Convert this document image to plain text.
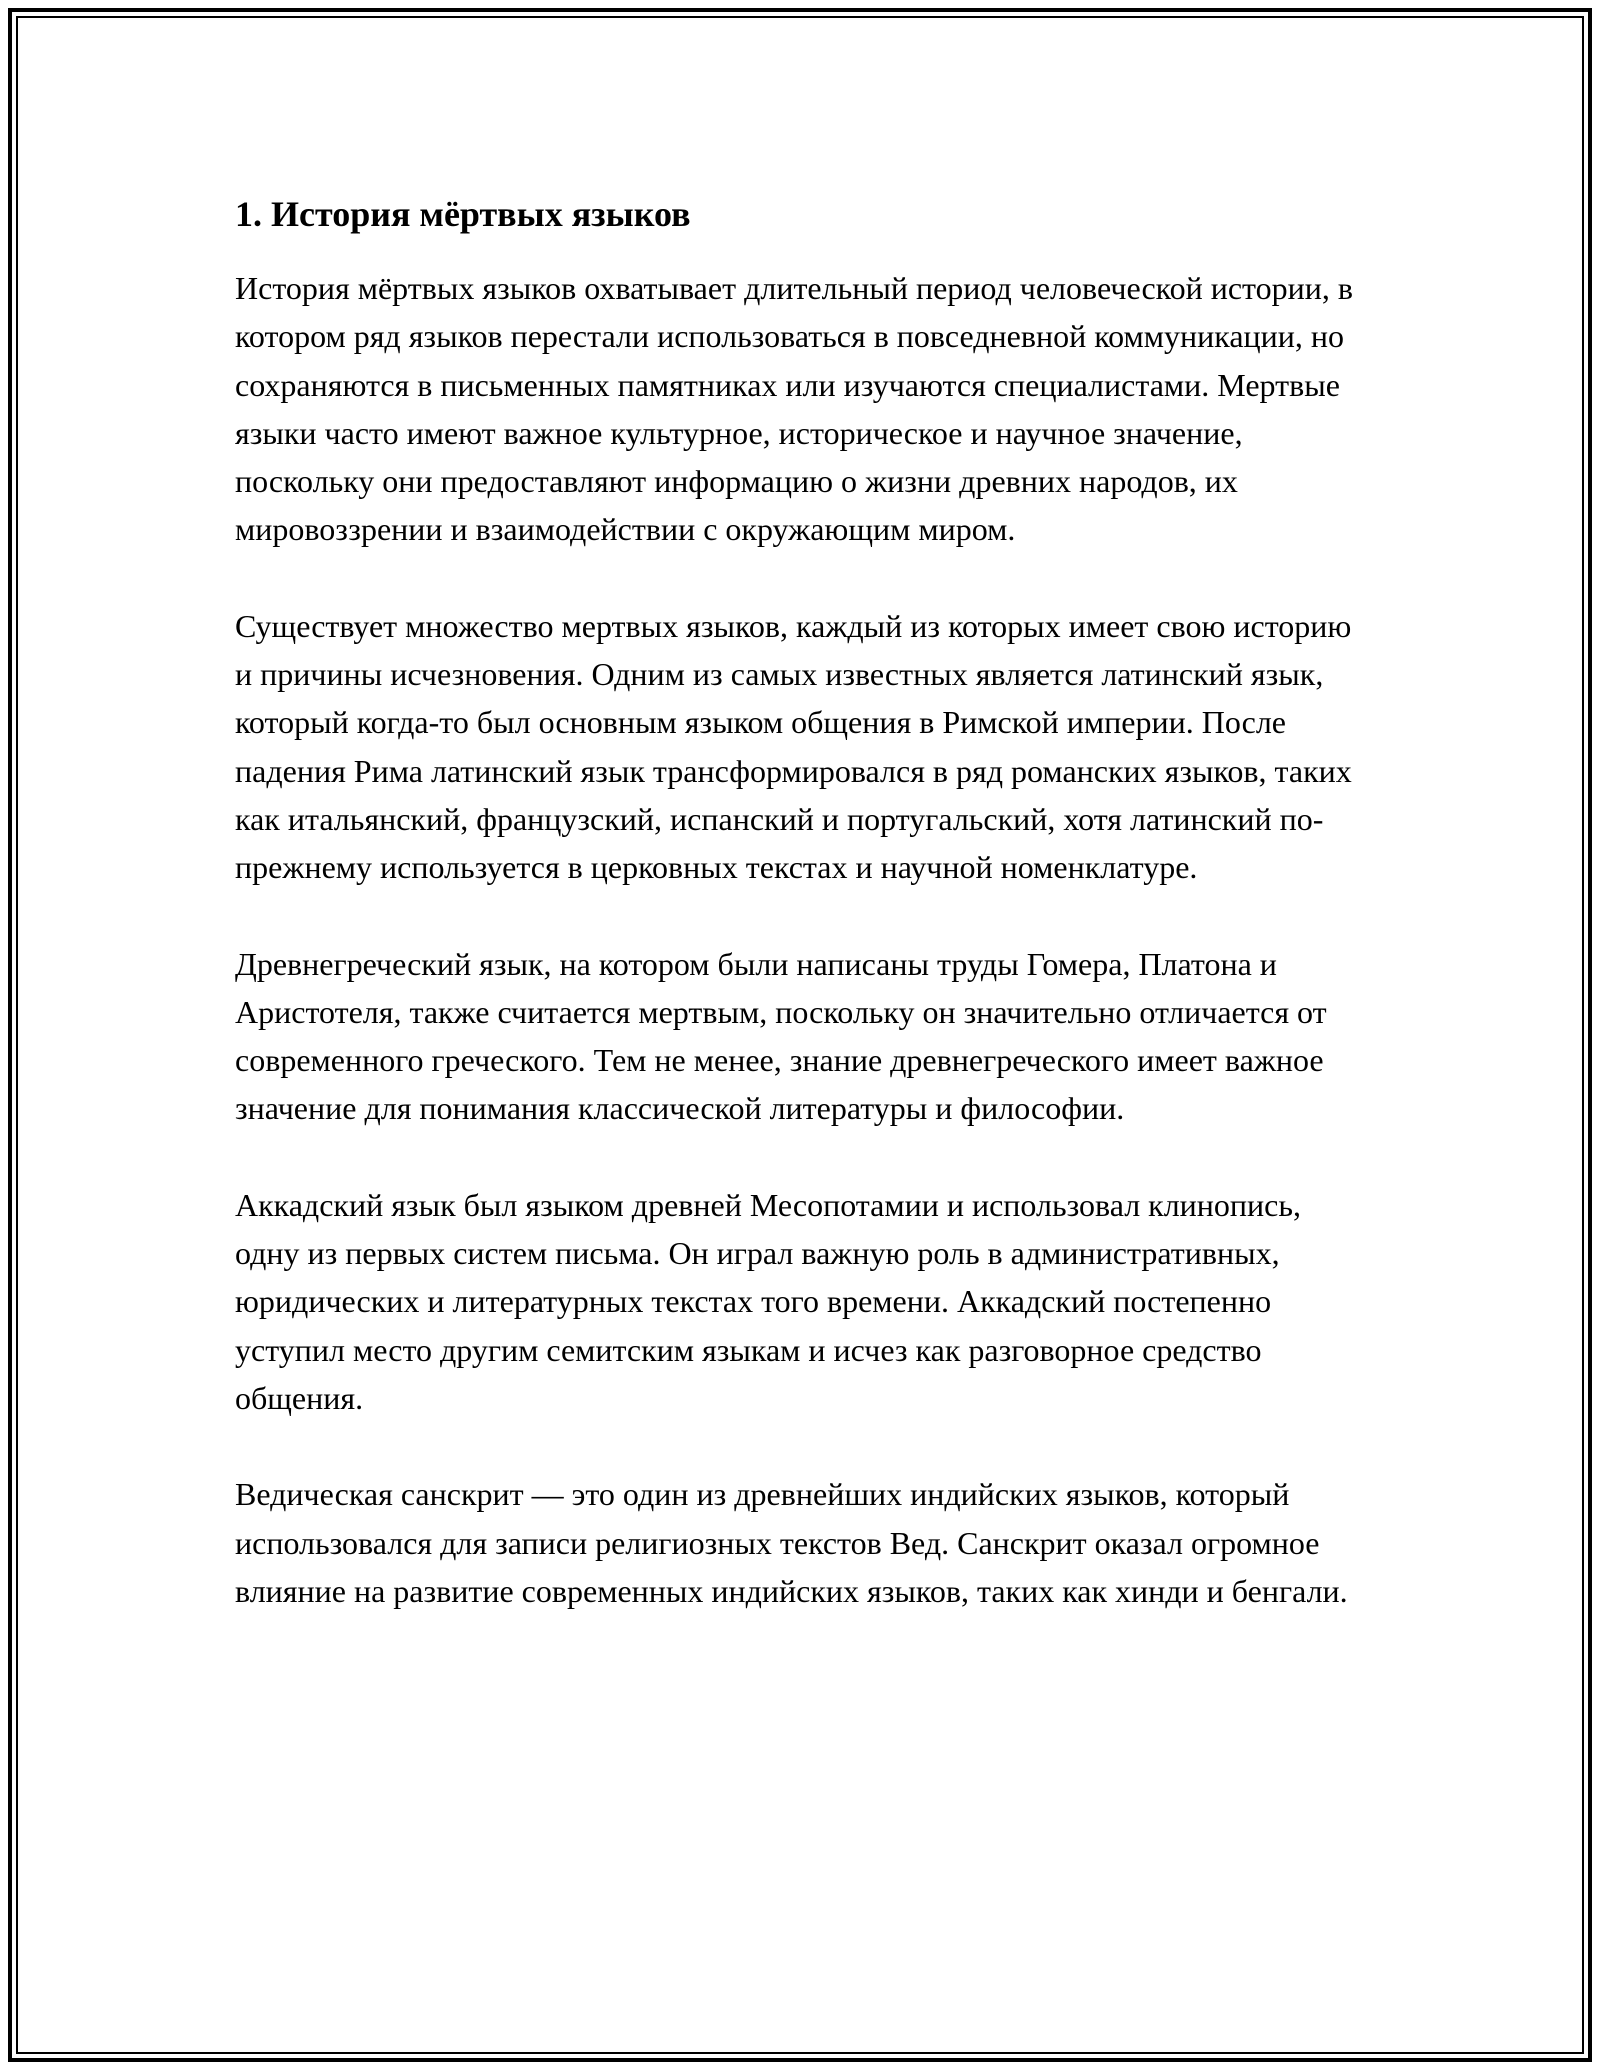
1. История мёртвых языков

История мёртвых языков охватывает длительный период человеческой истории, в котором ряд языков перестали использоваться в повседневной коммуникации, но сохраняются в письменных памятниках или изучаются специалистами. Мертвые языки часто имеют важное культурное, историческое и научное значение, поскольку они предоставляют информацию о жизни древних народов, их мировоззрении и взаимодействии с окружающим миром.

Существует множество мертвых языков, каждый из которых имеет свою историю и причины исчезновения. Одним из самых известных является латинский язык, который когда-то был основным языком общения в Римской империи. После падения Рима латинский язык трансформировался в ряд романских языков, таких как итальянский, французский, испанский и португальский, хотя латинский по-прежнему используется в церковных текстах и научной номенклатуре.

Древнегреческий язык, на котором были написаны труды Гомера, Платона и Аристотеля, также считается мертвым, поскольку он значительно отличается от современного греческого. Тем не менее, знание древнегреческого имеет важное значение для понимания классической литературы и философии.

Аккадский язык был языком древней Месопотамии и использовал клинопись, одну из первых систем письма. Он играл важную роль в административных, юридических и литературных текстах того времени. Аккадский постепенно уступил место другим семитским языкам и исчез как разговорное средство общения.

Ведическая санскрит — это один из древнейших индийских языков, который использовался для записи религиозных текстов Вед. Санскрит оказал огромное влияние на развитие современных индийских языков, таких как хинди и бенгали.
